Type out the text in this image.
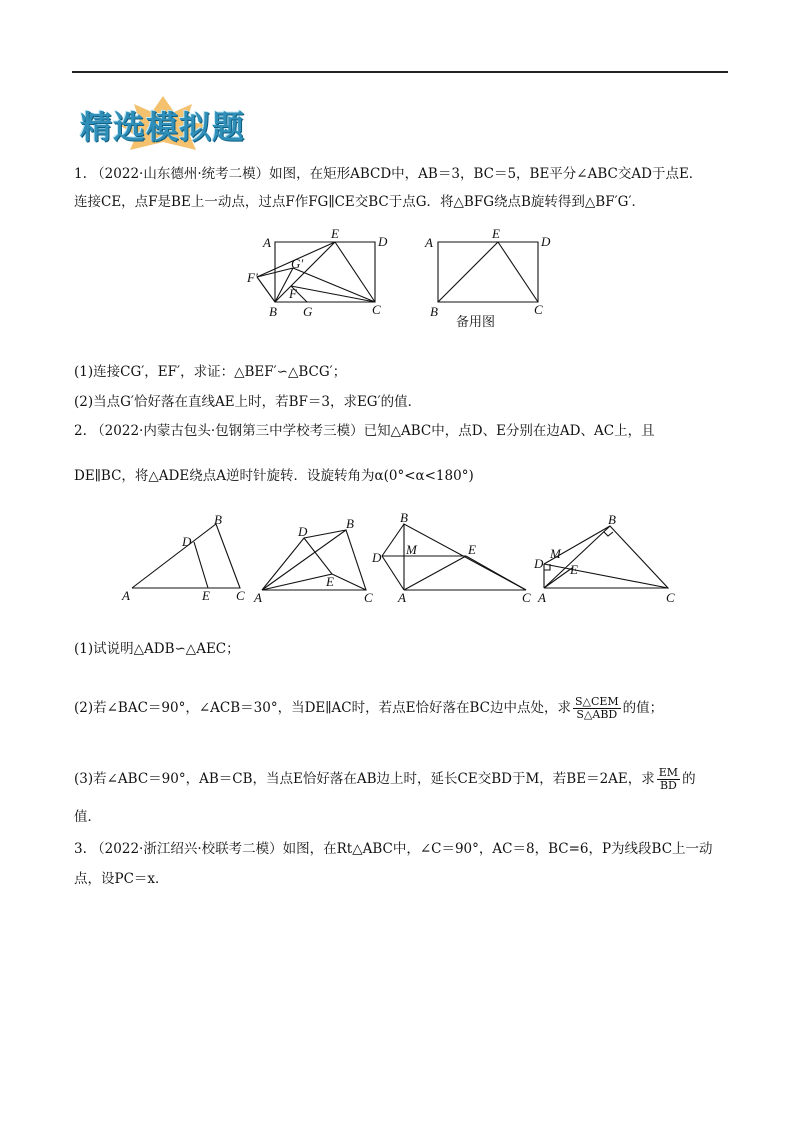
精选模拟题
1. （2022·山东德州·统考二模）如图，在矩形ABCD中，AB＝3，BC＝5，BE平分∠ABC交AD于点E．
连接CE，点F是BE上一动点，过点F作FG∥CE交BC于点G．将△BFG绕点B旋转得到△BF′G′．
A
E
D
F′
G′
F
B G	C
A
E
D
B	C
备用图
(1)连接CG′，EF′，求证：△BEF′∽△BCG′；
(2)当点G′恰好落在直线AE上时，若BF＝3，求EG′的值．
2. （2022·内蒙古包头·包钢第三中学校考三模）已知△ABC中，点D、E分别在边AD、AC上，且
DE∥BC，将△ADE绕点A逆时针旋转．设旋转角为α(0°<α<180°)
B
D
A	E C
D
B
E
A	C
B
M	E
D
A	C
B
M
D E
A	C
(1)试说明△ADB∽△AEC；
(2)若∠BAC＝90°，∠ACB＝30°，当DE∥AC时，若点E恰好落在BC边中点处，求 $\frac{\text{S△CEM}}{\text{S△ABD}}$ 的值；
(3)若∠ABC＝90°，AB＝CB，当点E恰好落在AB边上时，延长CE交BD于M，若BE＝2AE，求 $\frac{EM}{BD}$ 的
值．
3. （2022·浙江绍兴·校联考二模）如图，在Rt△ABC中，∠C＝90°，AC＝8，BC=6，P为线段BC上一动
点，设PC＝x．
